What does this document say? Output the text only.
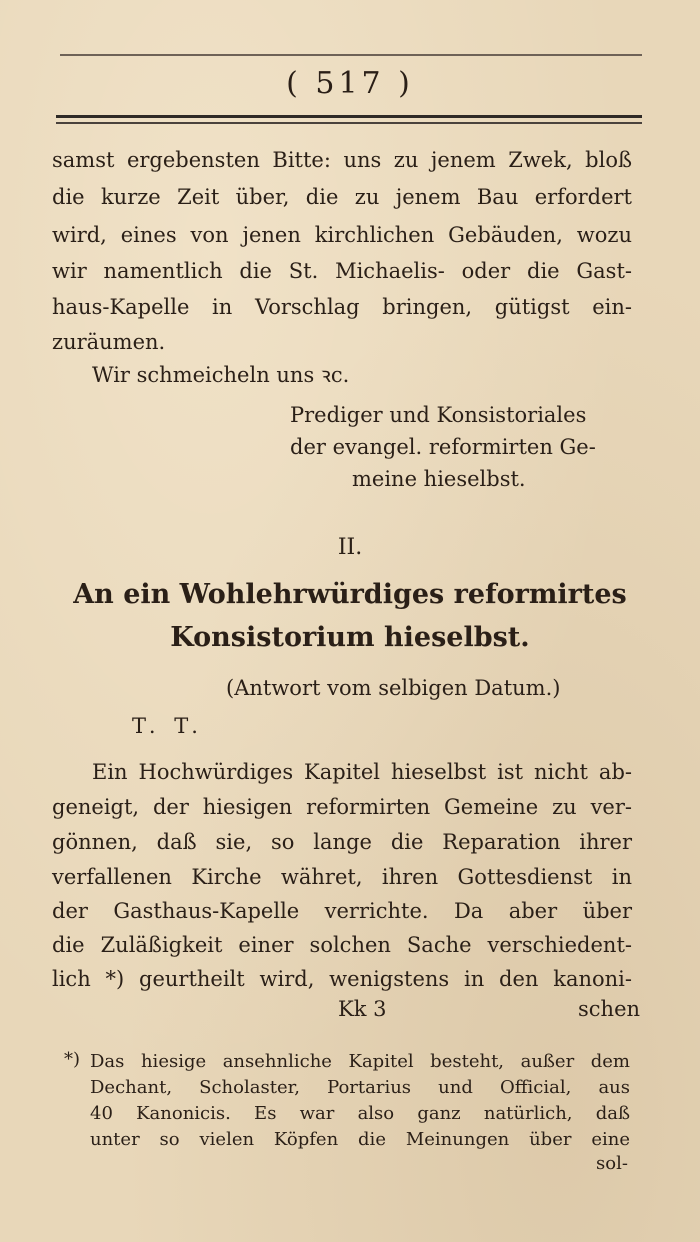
( 517 )
samst ergebensten Bitte: uns zu jenem Zwek, bloß
die kurze Zeit über, die zu jenem Bau erfordert
wird, eines von jenen kirchlichen Gebäuden, wozu
wir namentlich die St. Michaelis- oder die Gast-
haus-Kapelle in Vorschlag bringen, gütigst ein-
zuräumen.
Wir schmeicheln uns ꝛc.
Prediger und Konsistoriales
der evangel. reformirten Ge-
meine hieselbst.
II.
An ein Wohlehrwürdiges reformirtes
Konsistorium hieselbst.
(Antwort vom selbigen Datum.)
T. T.
Ein Hochwürdiges Kapitel hieselbst ist nicht ab-
geneigt, der hiesigen reformirten Gemeine zu ver-
gönnen, daß sie, so lange die Reparation ihrer
verfallenen Kirche währet, ihren Gottesdienst in
der Gasthaus-Kapelle verrichte. Da aber über
die Zuläßigkeit einer solchen Sache verschiedent-
lich *) geurtheilt wird, wenigstens in den kanoni-
Kk 3	schen
*) Das hiesige ansehnliche Kapitel besteht, außer dem
Dechant, Scholaster, Portarius und Official, aus
40 Kanonicis. Es war also ganz natürlich, daß
unter so vielen Köpfen die Meinungen über eine
sol-
